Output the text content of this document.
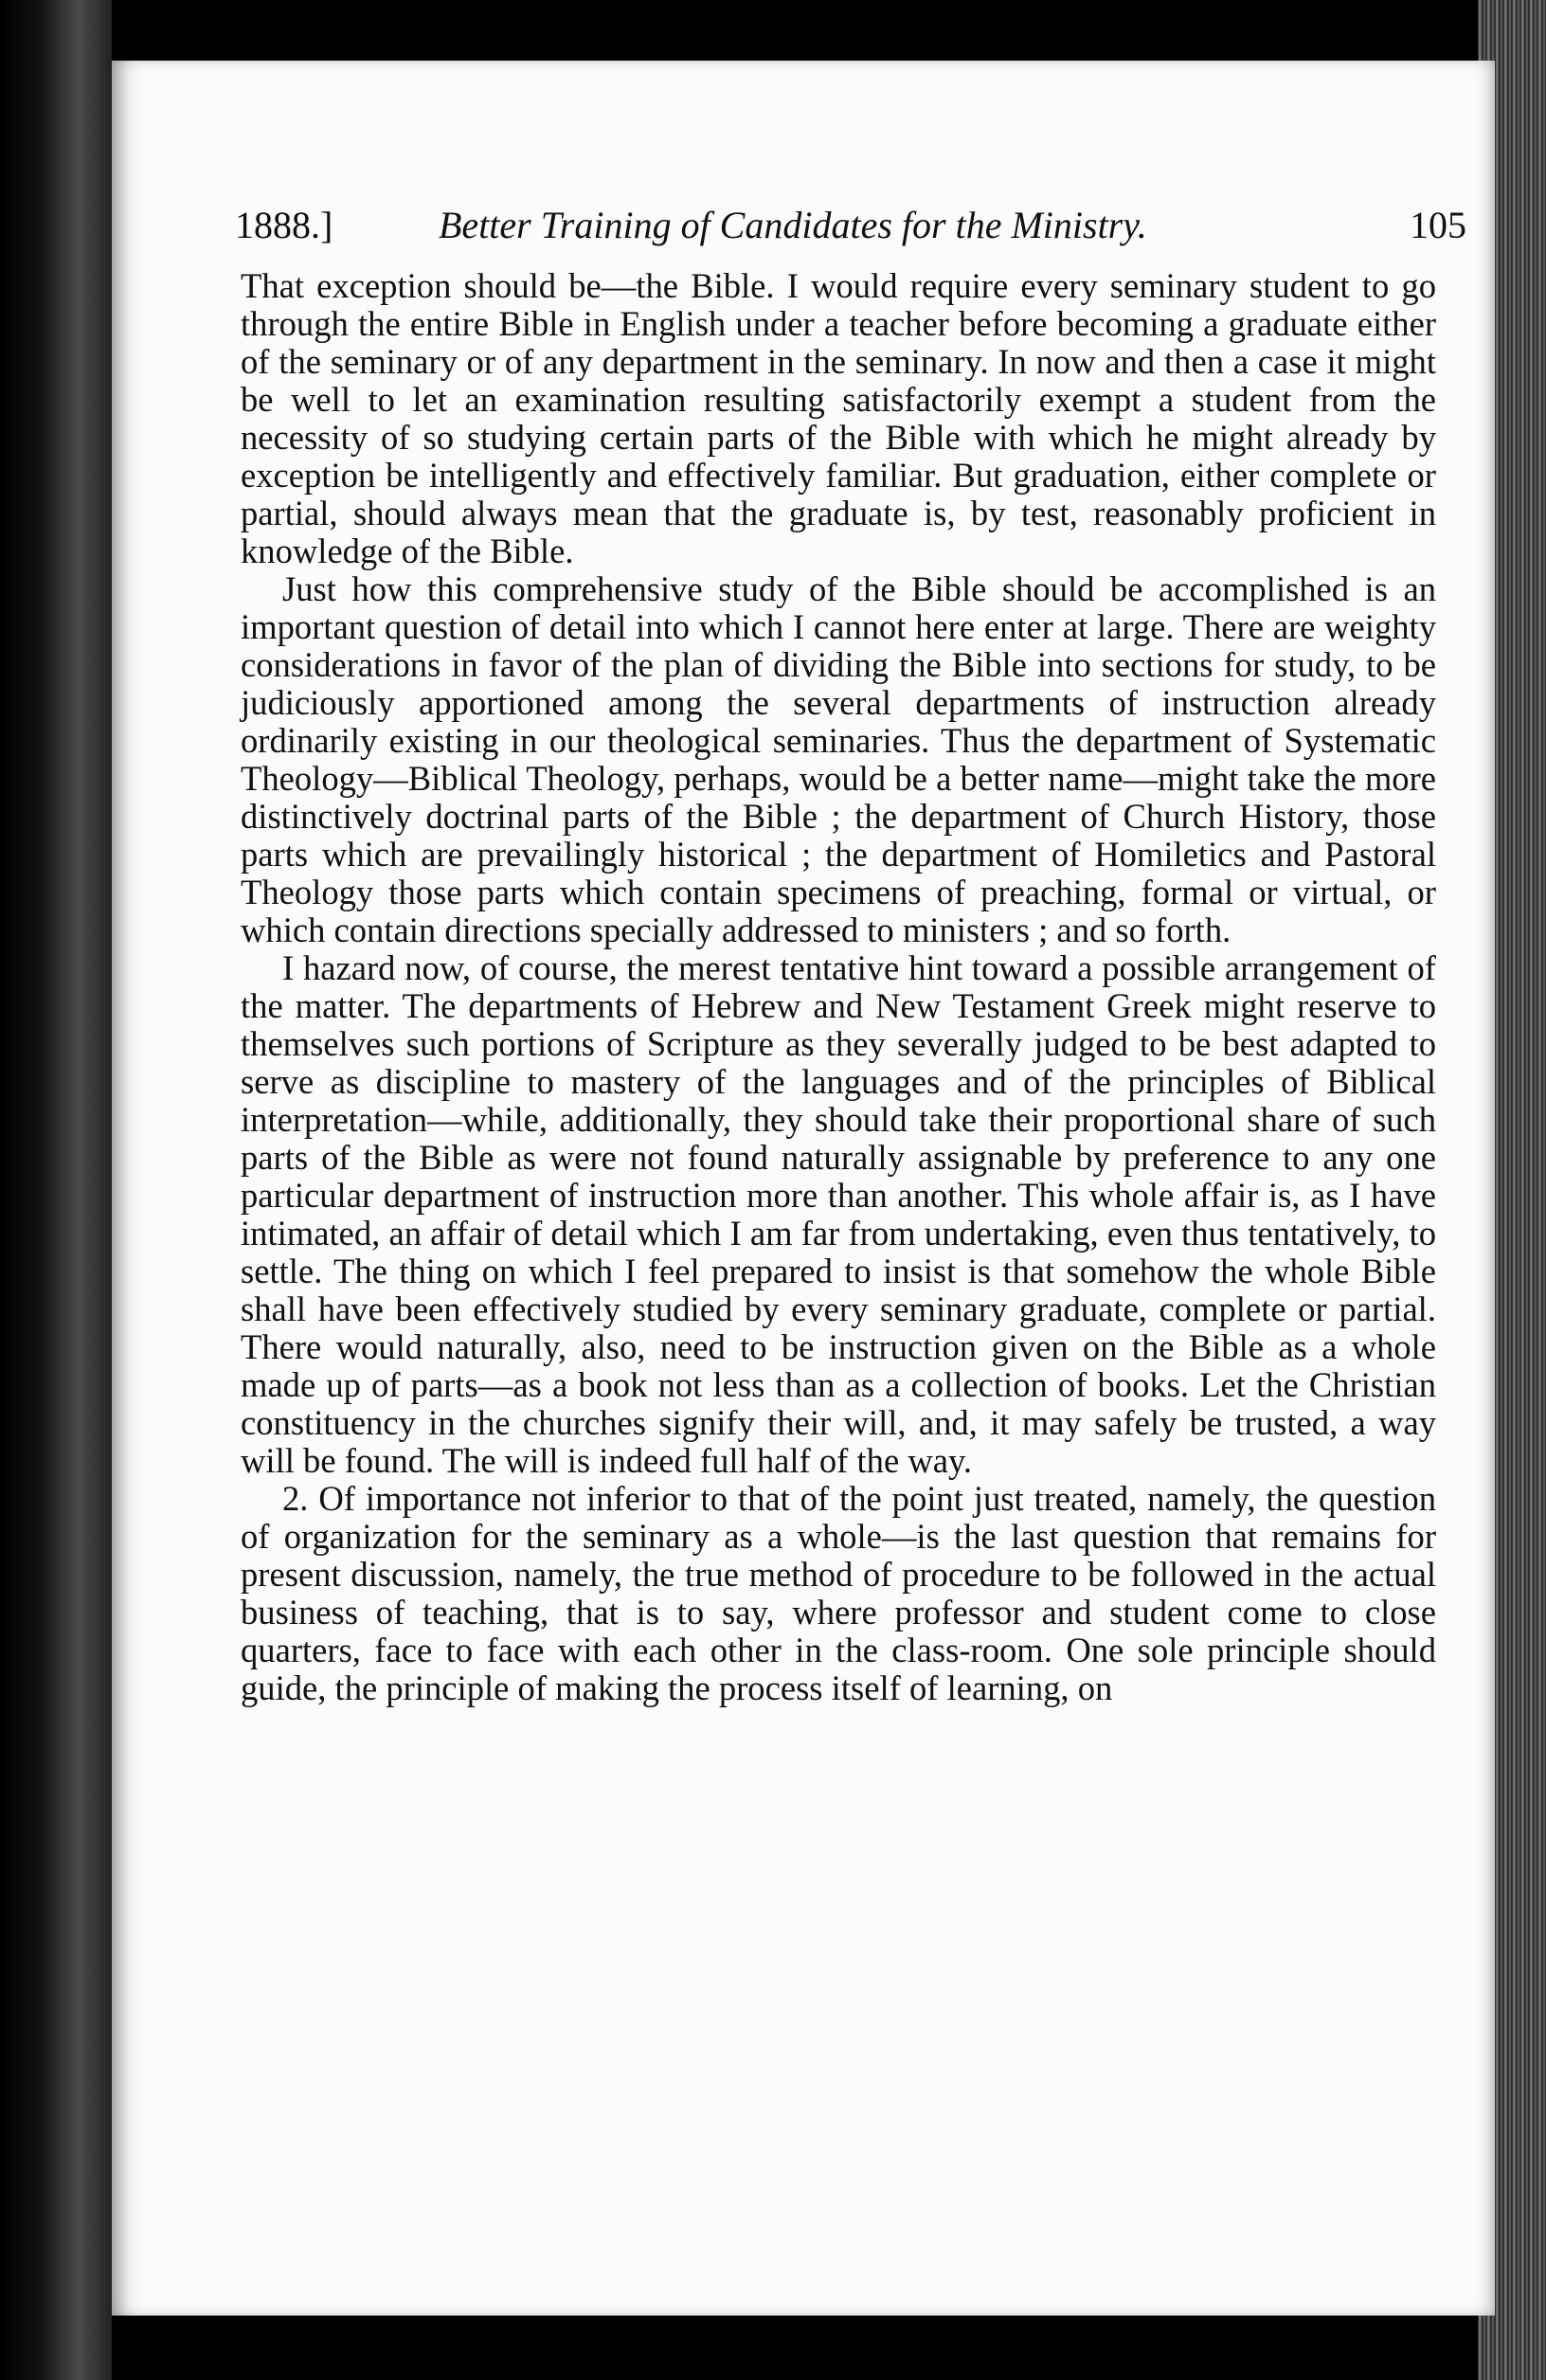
1888.]	Better Training of Candidates for the Ministry.	105

That exception should be—the Bible. I would require every seminary student to go through the entire Bible in English under a teacher before becoming a graduate either of the seminary or of any department in the seminary. In now and then a case it might be well to let an examination resulting satisfactorily exempt a student from the necessity of so studying certain parts of the Bible with which he might already by exception be intelligently and effectively familiar. But graduation, either complete or partial, should always mean that the graduate is, by test, reasonably proficient in knowledge of the Bible.

Just how this comprehensive study of the Bible should be accomplished is an important question of detail into which I cannot here enter at large. There are weighty considerations in favor of the plan of dividing the Bible into sections for study, to be judiciously apportioned among the several departments of instruction already ordinarily existing in our theological seminaries. Thus the department of Systematic Theology—Biblical Theology, perhaps, would be a better name—might take the more distinctively doctrinal parts of the Bible ; the department of Church History, those parts which are prevailingly historical ; the department of Homiletics and Pastoral Theology those parts which contain specimens of preaching, formal or virtual, or which contain directions specially addressed to ministers ; and so forth.

I hazard now, of course, the merest tentative hint toward a possible arrangement of the matter. The departments of Hebrew and New Testament Greek might reserve to themselves such portions of Scripture as they severally judged to be best adapted to serve as discipline to mastery of the languages and of the principles of Biblical interpretation—while, additionally, they should take their proportional share of such parts of the Bible as were not found naturally assignable by preference to any one particular department of instruction more than another. This whole affair is, as I have intimated, an affair of detail which I am far from undertaking, even thus tentatively, to settle. The thing on which I feel prepared to insist is that somehow the whole Bible shall have been effectively studied by every seminary graduate, complete or partial. There would naturally, also, need to be instruction given on the Bible as a whole made up of parts—as a book not less than as a collection of books. Let the Christian constituency in the churches signify their will, and, it may safely be trusted, a way will be found. The will is indeed full half of the way.

2. Of importance not inferior to that of the point just treated, namely, the question of organization for the seminary as a whole—is the last question that remains for present discussion, namely, the true method of procedure to be followed in the actual business of teaching, that is to say, where professor and student come to close quarters, face to face with each other in the class-room. One sole principle should guide, the principle of making the process itself of learning, on
